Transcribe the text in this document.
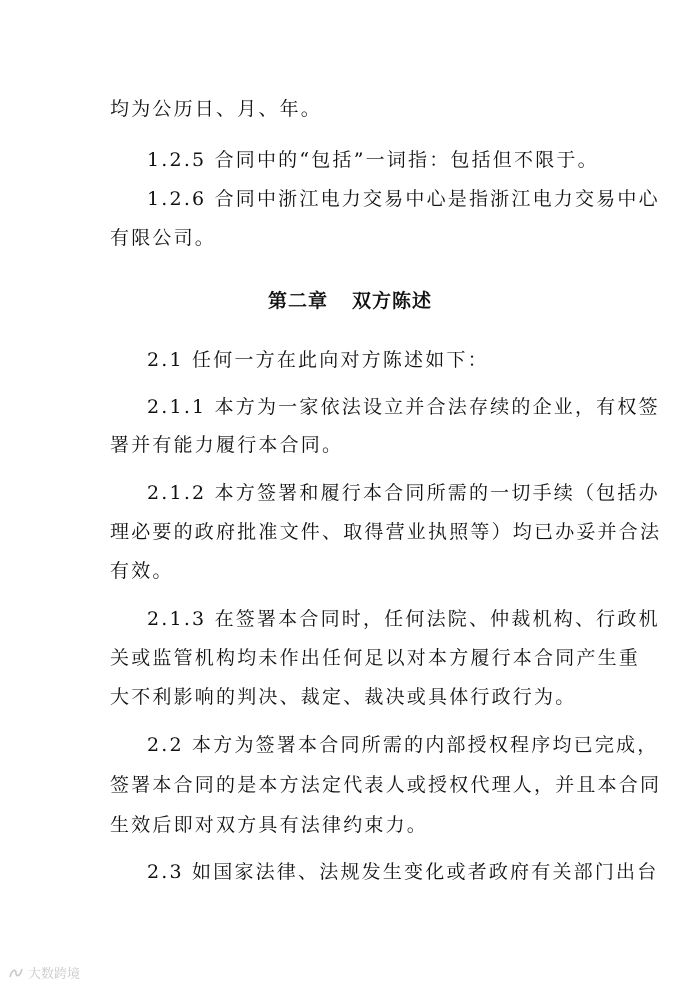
均为公历日、月、年。
1.2.5 合同中的“包括”一词指：包括但不限于。
1.2.6 合同中浙江电力交易中心是指浙江电力交易中心
有限公司。
第二章 双方陈述
2.1 任何一方在此向对方陈述如下：
2.1.1 本方为一家依法设立并合法存续的企业，有权签
署并有能力履行本合同。
2.1.2 本方签署和履行本合同所需的一切手续（包括办
理必要的政府批准文件、取得营业执照等）均已办妥并合法
有效。
2.1.3 在签署本合同时，任何法院、仲裁机构、行政机
关或监管机构均未作出任何足以对本方履行本合同产生重
大不利影响的判决、裁定、裁决或具体行政行为。
2.2 本方为签署本合同所需的内部授权程序均已完成，
签署本合同的是本方法定代表人或授权代理人，并且本合同
生效后即对双方具有法律约束力。
2.3 如国家法律、法规发生变化或者政府有关部门出台
大数跨境
